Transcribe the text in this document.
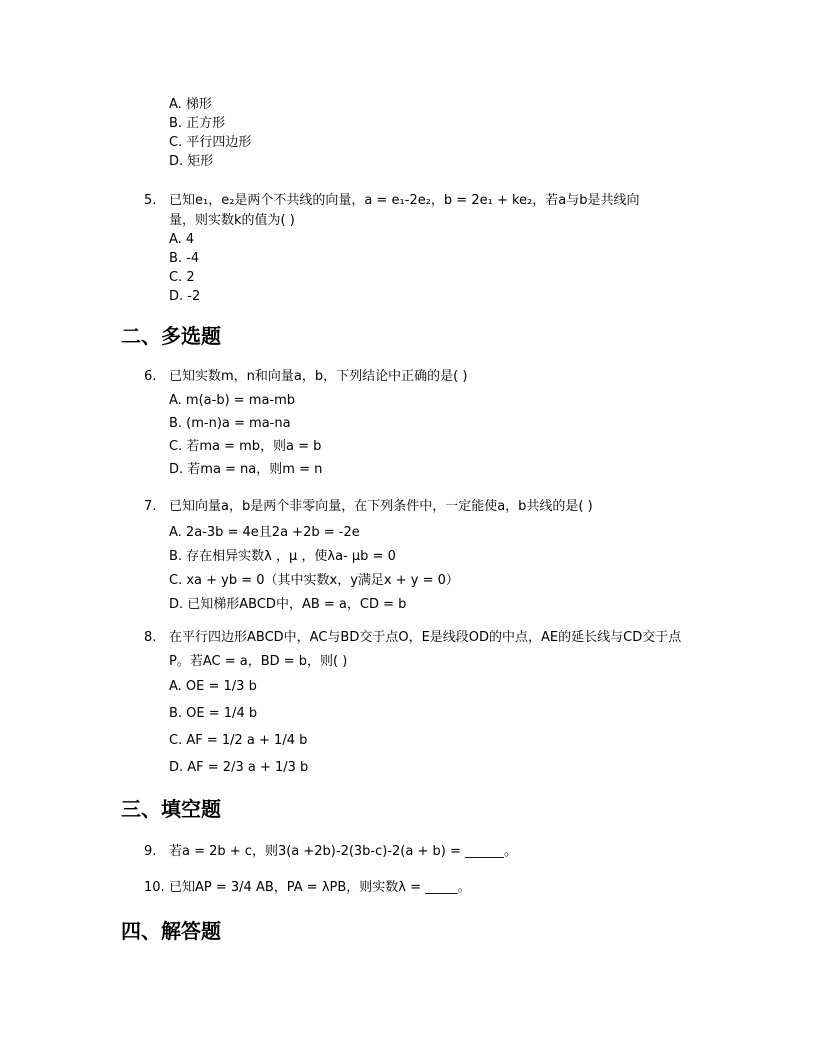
A. 梯形
B. 正方形
C. 平行四边形
D. 矩形
5. 已知e₁，e₂是两个不共线的向量，a = e₁-2e₂，b = 2e₁ + ke₂，若a与b是共线向
量，则实数k的值为( )
A. 4
B. -4
C. 2
D. -2
二、多选题
6. 已知实数m，n和向量a，b，下列结论中正确的是( )
A. m(a-b) = ma-mb
B. (m-n)a = ma-na
C. 若ma = mb，则a = b
D. 若ma = na，则m = n
7. 已知向量a，b是两个非零向量，在下列条件中，一定能使a，b共线的是( )
A. 2a-3b = 4e且2a +2b = -2e
B. 存在相异实数λ ，μ ，使λa- μb = 0
C. xa + yb = 0（其中实数x，y满足x + y = 0）
D. 已知梯形ABCD中，AB = a，CD = b
8. 在平行四边形ABCD中，AC与BD交于点O，E是线段OD的中点，AE的延长线与CD交于点
P。若AC = a，BD = b，则( )
A. OE = 1/3 b
B. OE = 1/4 b
C. AF = 1/2 a + 1/4 b
D. AF = 2/3 a + 1/3 b
三、填空题
9. 若a = 2b + c，则3(a +2b)-2(3b-c)-2(a + b) = ______。
10. 已知AP = 3/4 AB，PA = λPB，则实数λ = _____。
四、解答题
